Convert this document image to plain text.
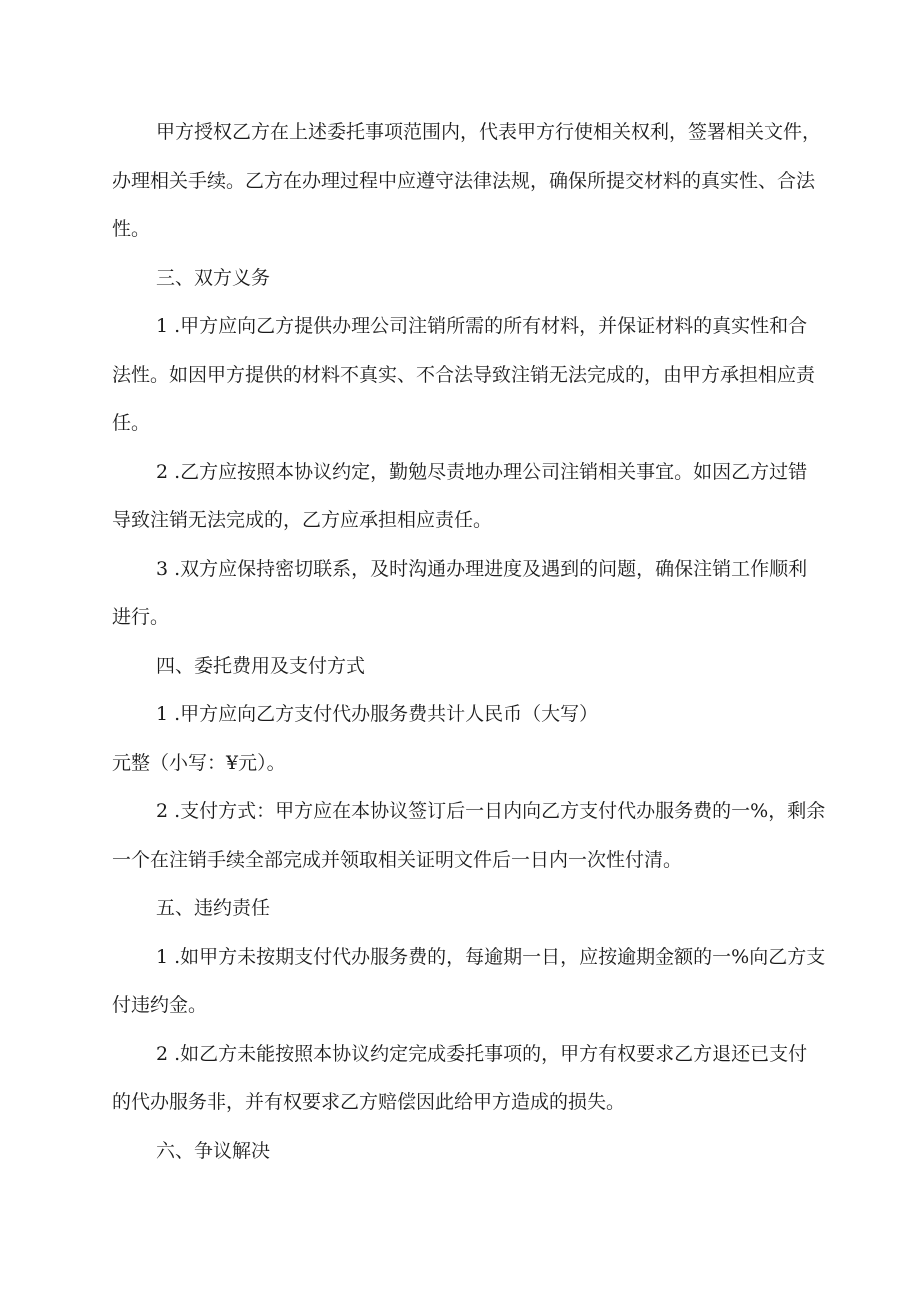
甲方授权乙方在上述委托事项范围内，代表甲方行使相关权利，签署相关文件，

办理相关手续。乙方在办理过程中应遵守法律法规，确保所提交材料的真实性、合法

性。

三、双方义务

1 .甲方应向乙方提供办理公司注销所需的所有材料，并保证材料的真实性和合

法性。如因甲方提供的材料不真实、不合法导致注销无法完成的，由甲方承担相应责

任。

2 .乙方应按照本协议约定，勤勉尽责地办理公司注销相关事宜。如因乙方过错

导致注销无法完成的，乙方应承担相应责任。

3 .双方应保持密切联系，及时沟通办理进度及遇到的问题，确保注销工作顺利

进行。

四、委托费用及支付方式

1 .甲方应向乙方支付代办服务费共计人民币（大写）

元整（小写：¥元）。

2 .支付方式：甲方应在本协议签订后一日内向乙方支付代办服务费的一%，剩余

一个在注销手续全部完成并领取相关证明文件后一日内一次性付清。

五、违约责任

1 .如甲方未按期支付代办服务费的，每逾期一日，应按逾期金额的一%向乙方支

付违约金。

2 .如乙方未能按照本协议约定完成委托事项的，甲方有权要求乙方退还已支付

的代办服务非，并有权要求乙方赔偿因此给甲方造成的损失。

六、争议解决
